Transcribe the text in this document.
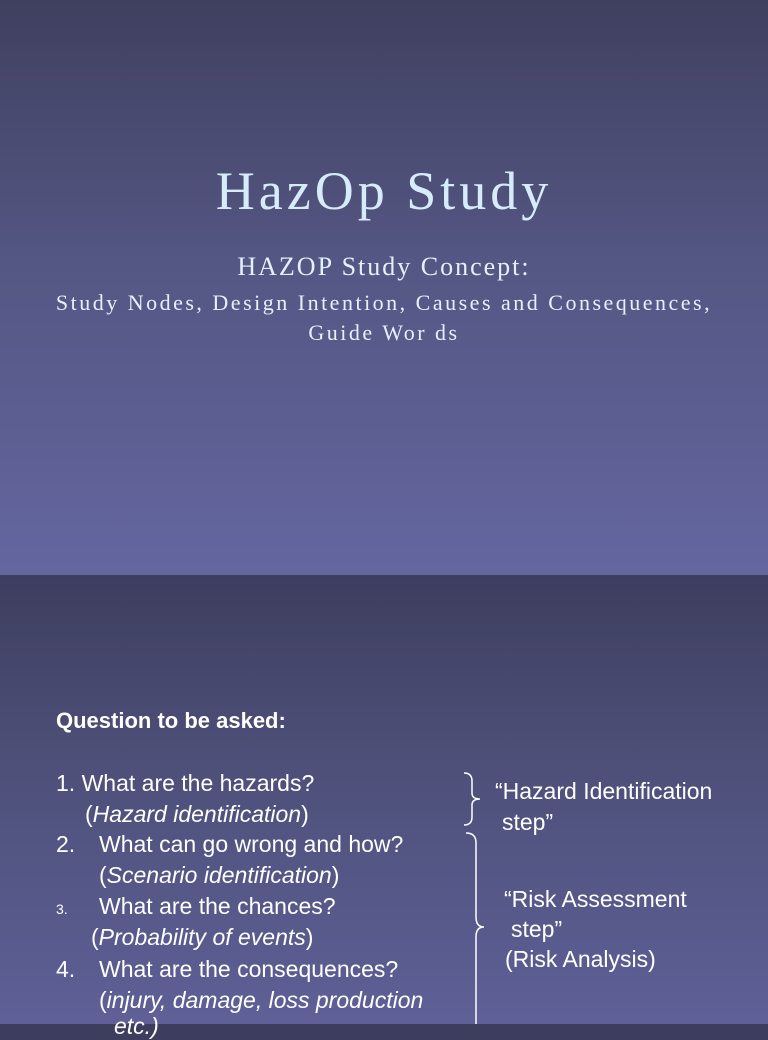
HazOp Study
HAZOP Study Concept:
Study Nodes, Design Intention, Causes and Consequences,
Guide Wor ds
Question to be asked:
1. What are the hazards?
(Hazard identification)
2. What can go wrong and how?
(Scenario identification)
3. What are the chances?
(Probability of events)
4. What are the consequences?
(injury, damage, loss production
etc.)
“Hazard Identification
step”
“Risk Assessment
step”
(Risk Analysis)
